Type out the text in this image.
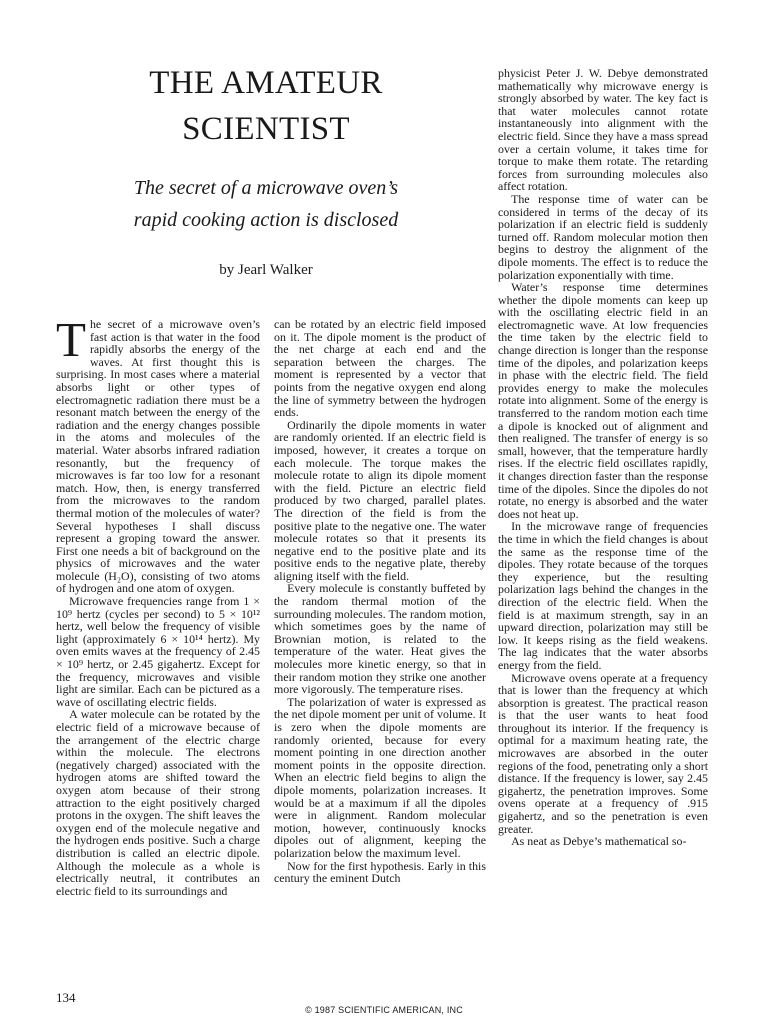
THE AMATEUR
SCIENTIST
The secret of a microwave oven’s
rapid cooking action is disclosed

by Jearl Walker

The secret of a microwave oven’s fast action is that water in the food rapidly absorbs the energy of the waves. At first thought this is surprising. In most cases where a material absorbs light or other types of electromagnetic radiation there must be a resonant match between the energy of the radiation and the energy changes possible in the atoms and molecules of the material. Water absorbs infrared radiation resonantly, but the frequency of microwaves is far too low for a resonant match. How, then, is energy transferred from the microwaves to the random thermal motion of the molecules of water? Several hypotheses I shall discuss represent a groping toward the answer. First one needs a bit of background on the physics of microwaves and the water molecule (H₂O), consisting of two atoms of hydrogen and one atom of oxygen.

Microwave frequencies range from 1 × 10⁹ hertz (cycles per second) to 5 × 10¹² hertz, well below the frequency of visible light (approximately 6 × 10¹⁴ hertz). My oven emits waves at the frequency of 2.45 × 10⁹ hertz, or 2.45 gigahertz. Except for the frequency, microwaves and visible light are similar. Each can be pictured as a wave of oscillating electric fields.

A water molecule can be rotated by the electric field of a microwave because of the arrangement of the electric charge within the molecule. The electrons (negatively charged) associated with the hydrogen atoms are shifted toward the oxygen atom because of their strong attraction to the eight positively charged protons in the oxygen. The shift leaves the oxygen end of the molecule negative and the hydrogen ends positive. Such a charge distribution is called an electric dipole. Although the molecule as a whole is electrically neutral, it contributes an electric field to its surroundings and

can be rotated by an electric field imposed on it. The dipole moment is the product of the net charge at each end and the separation between the charges. The moment is represented by a vector that points from the negative oxygen end along the line of symmetry between the hydrogen ends.

Ordinarily the dipole moments in water are randomly oriented. If an electric field is imposed, however, it creates a torque on each molecule. The torque makes the molecule rotate to align its dipole moment with the field. Picture an electric field produced by two charged, parallel plates. The direction of the field is from the positive plate to the negative one. The water molecule rotates so that it presents its negative end to the positive plate and its positive ends to the negative plate, thereby aligning itself with the field.

Every molecule is constantly buffeted by the random thermal motion of the surrounding molecules. The random motion, which sometimes goes by the name of Brownian motion, is related to the temperature of the water. Heat gives the molecules more kinetic energy, so that in their random motion they strike one another more vigorously. The temperature rises.

The polarization of water is expressed as the net dipole moment per unit of volume. It is zero when the dipole moments are randomly oriented, because for every moment pointing in one direction another moment points in the opposite direction. When an electric field begins to align the dipole moments, polarization increases. It would be at a maximum if all the dipoles were in alignment. Random molecular motion, however, continuously knocks dipoles out of alignment, keeping the polarization below the maximum level.

Now for the first hypothesis. Early in this century the eminent Dutch

physicist Peter J. W. Debye demonstrated mathematically why microwave energy is strongly absorbed by water. The key fact is that water molecules cannot rotate instantaneously into alignment with the electric field. Since they have a mass spread over a certain volume, it takes time for torque to make them rotate. The retarding forces from surrounding molecules also affect rotation.

The response time of water can be considered in terms of the decay of its polarization if an electric field is suddenly turned off. Random molecular motion then begins to destroy the alignment of the dipole moments. The effect is to reduce the polarization exponentially with time.

Water’s response time determines whether the dipole moments can keep up with the oscillating electric field in an electromagnetic wave. At low frequencies the time taken by the electric field to change direction is longer than the response time of the dipoles, and polarization keeps in phase with the electric field. The field provides energy to make the molecules rotate into alignment. Some of the energy is transferred to the random motion each time a dipole is knocked out of alignment and then realigned. The transfer of energy is so small, however, that the temperature hardly rises. If the electric field oscillates rapidly, it changes direction faster than the response time of the dipoles. Since the dipoles do not rotate, no energy is absorbed and the water does not heat up.

In the microwave range of frequencies the time in which the field changes is about the same as the response time of the dipoles. They rotate because of the torques they experience, but the resulting polarization lags behind the changes in the direction of the electric field. When the field is at maximum strength, say in an upward direction, polarization may still be low. It keeps rising as the field weakens. The lag indicates that the water absorbs energy from the field.

Microwave ovens operate at a frequency that is lower than the frequency at which absorption is greatest. The practical reason is that the user wants to heat food throughout its interior. If the frequency is optimal for a maximum heating rate, the microwaves are absorbed in the outer regions of the food, penetrating only a short distance. If the frequency is lower, say 2.45 gigahertz, the penetration improves. Some ovens operate at a frequency of .915 gigahertz, and so the penetration is even greater.

As neat as Debye’s mathematical so-

134
© 1987 SCIENTIFIC AMERICAN, INC
